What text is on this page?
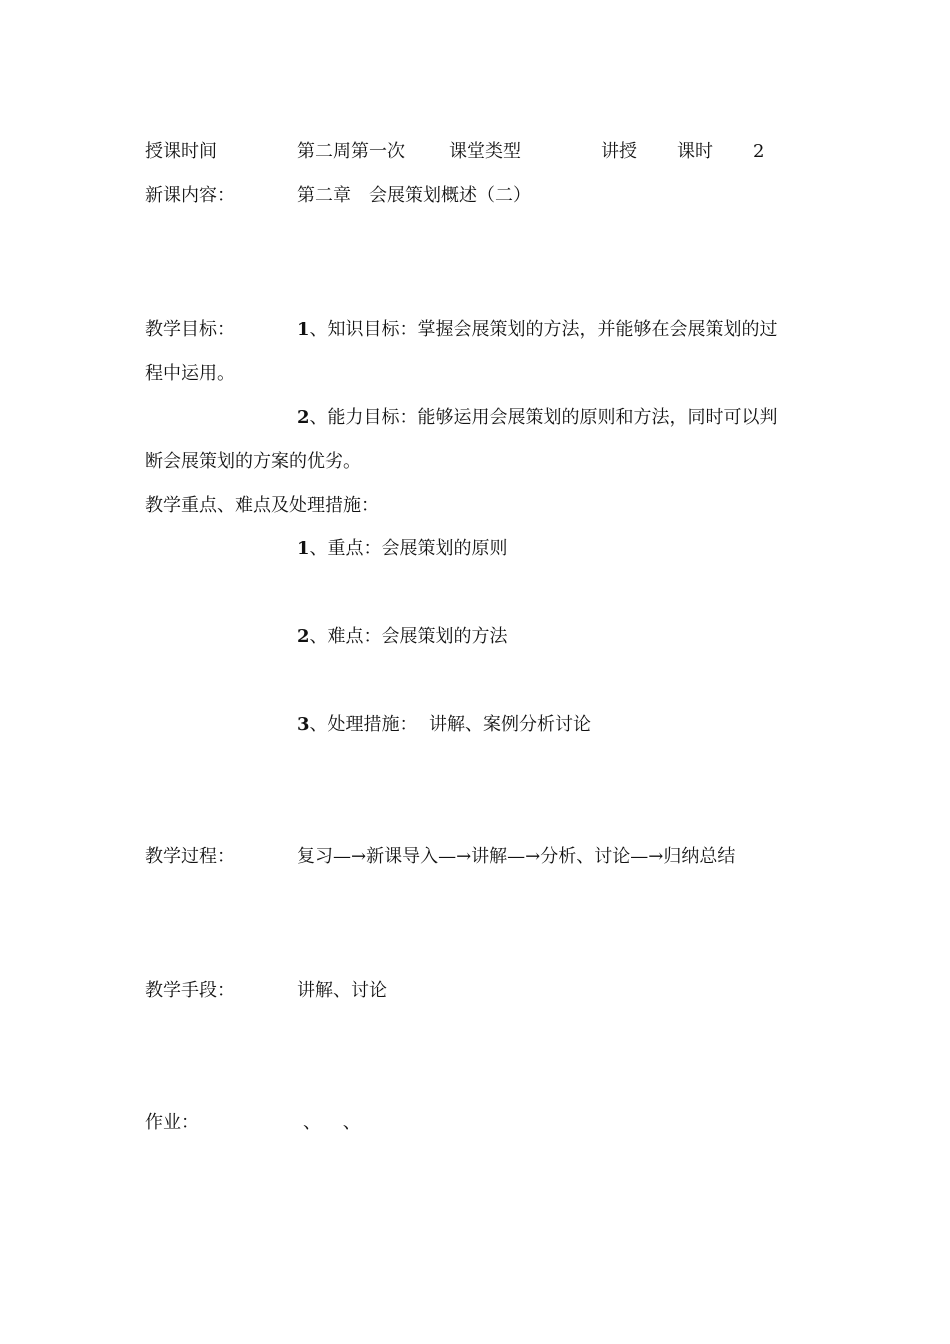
授课时间	第二周第一次 课堂类型	讲授 课时 2
新课内容：	第二章　会展策划概述（二）
教学目标：	1、知识目标：掌握会展策划的方法，并能够在会展策划的过
程中运用。
2、能力目标：能够运用会展策划的原则和方法，同时可以判
断会展策划的方案的优劣。
教学重点、难点及处理措施：
1、重点：会展策划的原则
2、难点：会展策划的方法
3、处理措施：  讲解、案例分析讨论
教学过程：	复习—→新课导入—→讲解—→分析、讨论—→归纳总结
教学手段：	讲解、讨论
作业：	、 、
